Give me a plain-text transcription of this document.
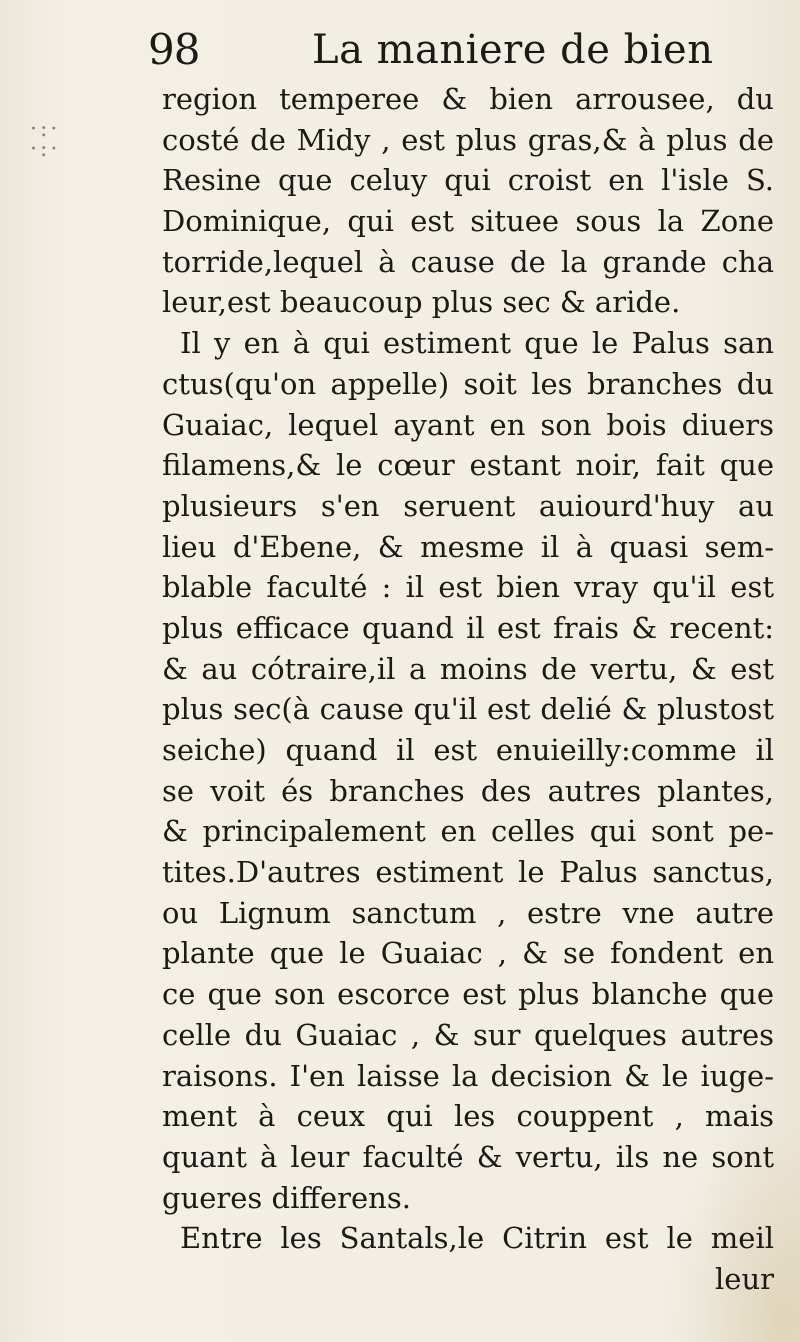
98	La maniere de bien
·:·
·:·
region temperee & bien arrousee, du
costé de Midy , est plus gras,& à plus de
Resine que celuy qui croist en l'isle S.
Dominique, qui est situee sous la Zone
torride,lequel à cause de la grande cha
leur,est beaucoup plus sec & aride.
Il y en à qui estiment que le Palus san
ctus(qu'on appelle) soit les branches du
Guaiac, lequel ayant en son bois diuers
filamens,& le cœur estant noir, fait que
plusieurs s'en seruent auiourd'huy au
lieu d'Ebene, & mesme il à quasi sem-
blable faculté : il est bien vray qu'il est
plus efficace quand il est frais & recent:
& au cótraire,il a moins de vertu, & est
plus sec(à cause qu'il est delié & plustost
seiche) quand il est enuieilly:comme il
se voit és branches des autres plantes,
& principalement en celles qui sont pe-
tites.D'autres estiment le Palus sanctus,
ou Lignum sanctum , estre vne autre
plante que le Guaiac , & se fondent en
ce que son escorce est plus blanche que
celle du Guaiac , & sur quelques autres
raisons. I'en laisse la decision & le iuge-
ment à ceux qui les couppent , mais
quant à leur faculté & vertu, ils ne sont
gueres differens.
Entre les Santals,le Citrin est le meil
leur
